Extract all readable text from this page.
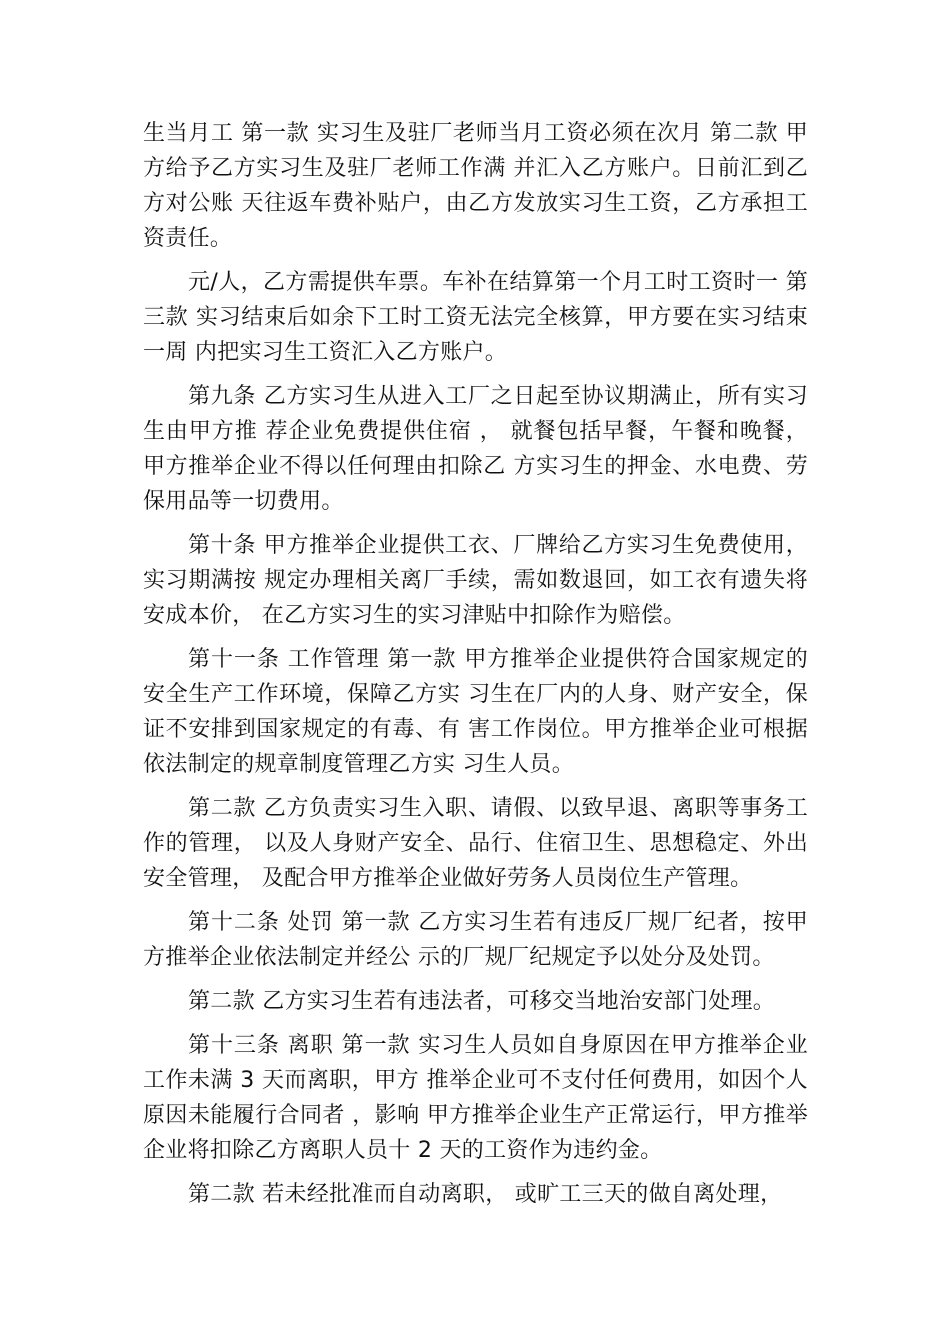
生当月工 第一款 实习生及驻厂老师当月工资必须在次月 第二款 甲方给予乙方实习生及驻厂老师工作满 并汇入乙方账户。日前汇到乙方对公账 天往返车费补贴户，由乙方发放实习生工资，乙方承担工资责任。

元/人，乙方需提供车票。车补在结算第一个月工时工资时一 第三款 实习结束后如余下工时工资无法完全核算，甲方要在实习结束一周 内把实习生工资汇入乙方账户。

第九条 乙方实习生从进入工厂之日起至协议期满止，所有实习生由甲方推 荐企业免费提供住宿 ， 就餐包括早餐，午餐和晚餐，甲方推举企业不得以任何理由扣除乙 方实习生的押金、水电费、劳保用品等一切费用。

第十条 甲方推举企业提供工衣、厂牌给乙方实习生免费使用，实习期满按 规定办理相关离厂手续，需如数退回，如工衣有遗失将安成本价， 在乙方实习生的实习津贴中扣除作为赔偿。

第十一条 工作管理 第一款 甲方推举企业提供符合国家规定的安全生产工作环境，保障乙方实 习生在厂内的人身、财产安全，保证不安排到国家规定的有毒、有 害工作岗位。甲方推举企业可根据依法制定的规章制度管理乙方实 习生人员。

第二款 乙方负责实习生入职、请假、以致早退、离职等事务工作的管理， 以及人身财产安全、品行、住宿卫生、思想稳定、外出安全管理， 及配合甲方推举企业做好劳务人员岗位生产管理。

第十二条 处罚 第一款 乙方实习生若有违反厂规厂纪者，按甲方推举企业依法制定并经公 示的厂规厂纪规定予以处分及处罚。

第二款 乙方实习生若有违法者，可移交当地治安部门处理。

第十三条 离职 第一款 实习生人员如自身原因在甲方推举企业工作未满 3 天而离职，甲方 推举企业可不支付任何费用，如因个人原因未能履行合同者 ，影响 甲方推举企业生产正常运行，甲方推举企业将扣除乙方离职人员十 2 天的工资作为违约金。

第二款 若未经批准而自动离职， 或旷工三天的做自离处理，
